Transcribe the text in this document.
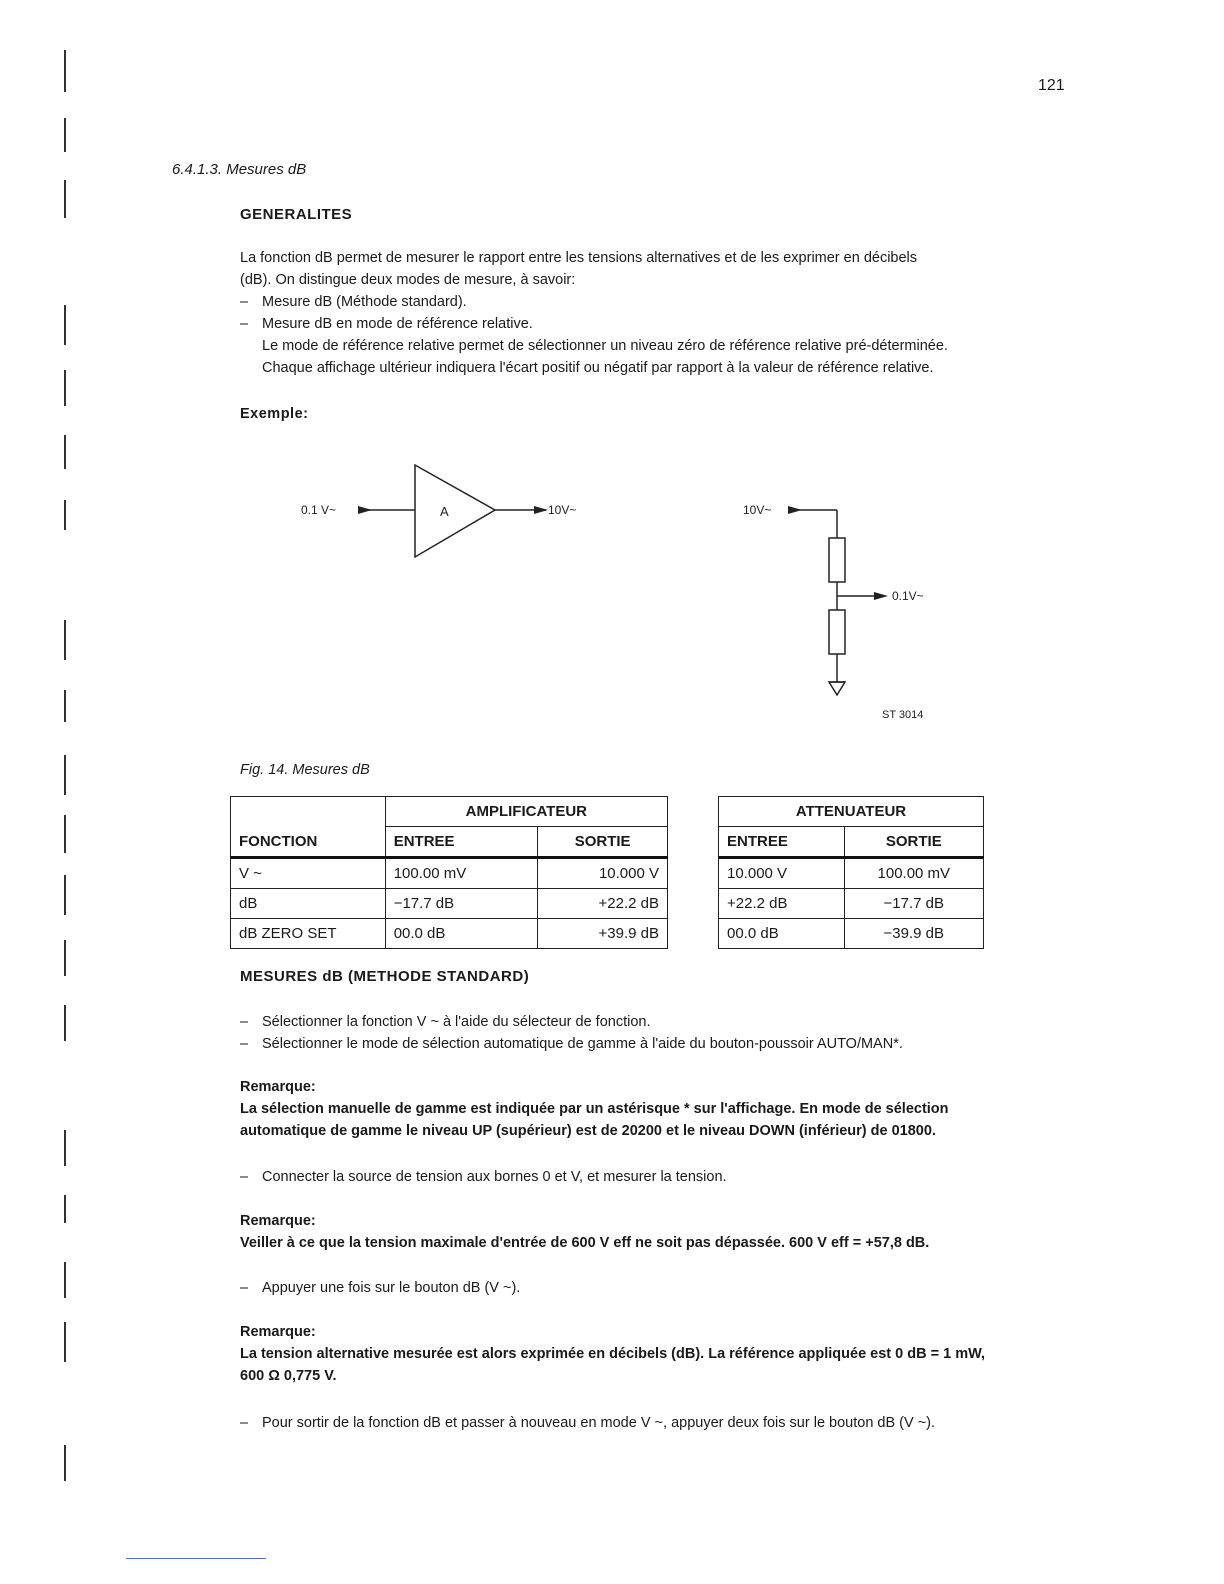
121
6.4.1.3. Mesures dB
GENERALITES
La fonction dB permet de mesurer le rapport entre les tensions alternatives et de les exprimer en décibels
(dB). On distingue deux modes de mesure, à savoir:
– Mesure dB (Méthode standard).
– Mesure dB en mode de référence relative.
Le mode de référence relative permet de sélectionner un niveau zéro de référence relative pré-déterminée.
Chaque affichage ultérieur indiquera l'écart positif ou négatif par rapport à la valeur de référence relative.
Exemple:
0.1 V~	A	10V~	10V~
0.1V~
ST 3014
Fig. 14. Mesures dB
	AMPLIFICATEUR	
FONCTION	ENTREE	SORTIE
V ~	100.00 mV	10.000 V
dB	−17.7 dB	+22.2 dB
dB ZERO SET	00.0 dB	+39.9 dB
ATTENUATEUR	
ENTREE	SORTIE
10.000 V	100.00 mV
+22.2 dB	−17.7 dB
00.0 dB	−39.9 dB
MESURES dB (METHODE STANDARD)
– Sélectionner la fonction V ~ à l'aide du sélecteur de fonction.
– Sélectionner le mode de sélection automatique de gamme à l'aide du bouton-poussoir AUTO/MAN*.
Remarque:
La sélection manuelle de gamme est indiquée par un astérisque * sur l'affichage. En mode de sélection
automatique de gamme le niveau UP (supérieur) est de 20200 et le niveau DOWN (inférieur) de 01800.
– Connecter la source de tension aux bornes 0 et V, et mesurer la tension.
Remarque:
Veiller à ce que la tension maximale d'entrée de 600 V eff ne soit pas dépassée. 600 V eff = +57,8 dB.
– Appuyer une fois sur le bouton dB (V ~).
Remarque:
La tension alternative mesurée est alors exprimée en décibels (dB). La référence appliquée est 0 dB = 1 mW,
600 Ω 0,775 V.
– Pour sortir de la fonction dB et passer à nouveau en mode V ~, appuyer deux fois sur le bouton dB (V ~).
